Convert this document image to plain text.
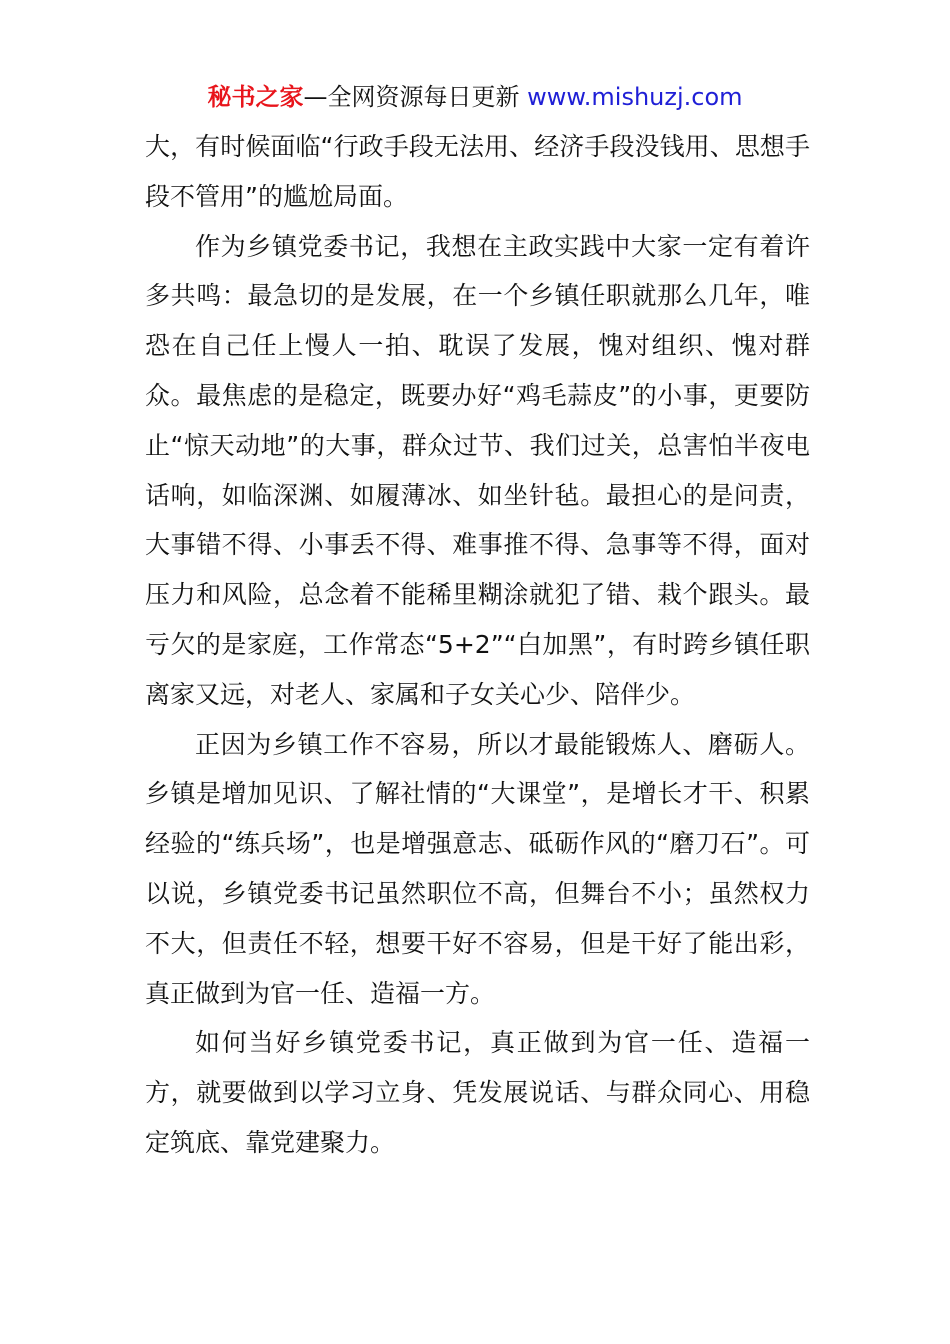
秘书之家—全网资源每日更新 www.mishuzj.com

大，有时候面临“行政手段无法用、经济手段没钱用、思想手段不管用”的尴尬局面。

作为乡镇党委书记，我想在主政实践中大家一定有着许多共鸣：最急切的是发展，在一个乡镇任职就那么几年，唯恐在自己任上慢人一拍、耽误了发展，愧对组织、愧对群众。最焦虑的是稳定，既要办好“鸡毛蒜皮”的小事，更要防止“惊天动地”的大事，群众过节、我们过关，总害怕半夜电话响，如临深渊、如履薄冰、如坐针毡。最担心的是问责，大事错不得、小事丢不得、难事推不得、急事等不得，面对压力和风险，总念着不能稀里糊涂就犯了错、栽个跟头。最亏欠的是家庭，工作常态“5+2”“白加黑”，有时跨乡镇任职离家又远，对老人、家属和子女关心少、陪伴少。

正因为乡镇工作不容易，所以才最能锻炼人、磨砺人。乡镇是增加见识、了解社情的“大课堂”，是增长才干、积累经验的“练兵场”，也是增强意志、砥砺作风的“磨刀石”。可以说，乡镇党委书记虽然职位不高，但舞台不小；虽然权力不大，但责任不轻，想要干好不容易，但是干好了能出彩，真正做到为官一任、造福一方。

如何当好乡镇党委书记，真正做到为官一任、造福一方，就要做到以学习立身、凭发展说话、与群众同心、用稳定筑底、靠党建聚力。
